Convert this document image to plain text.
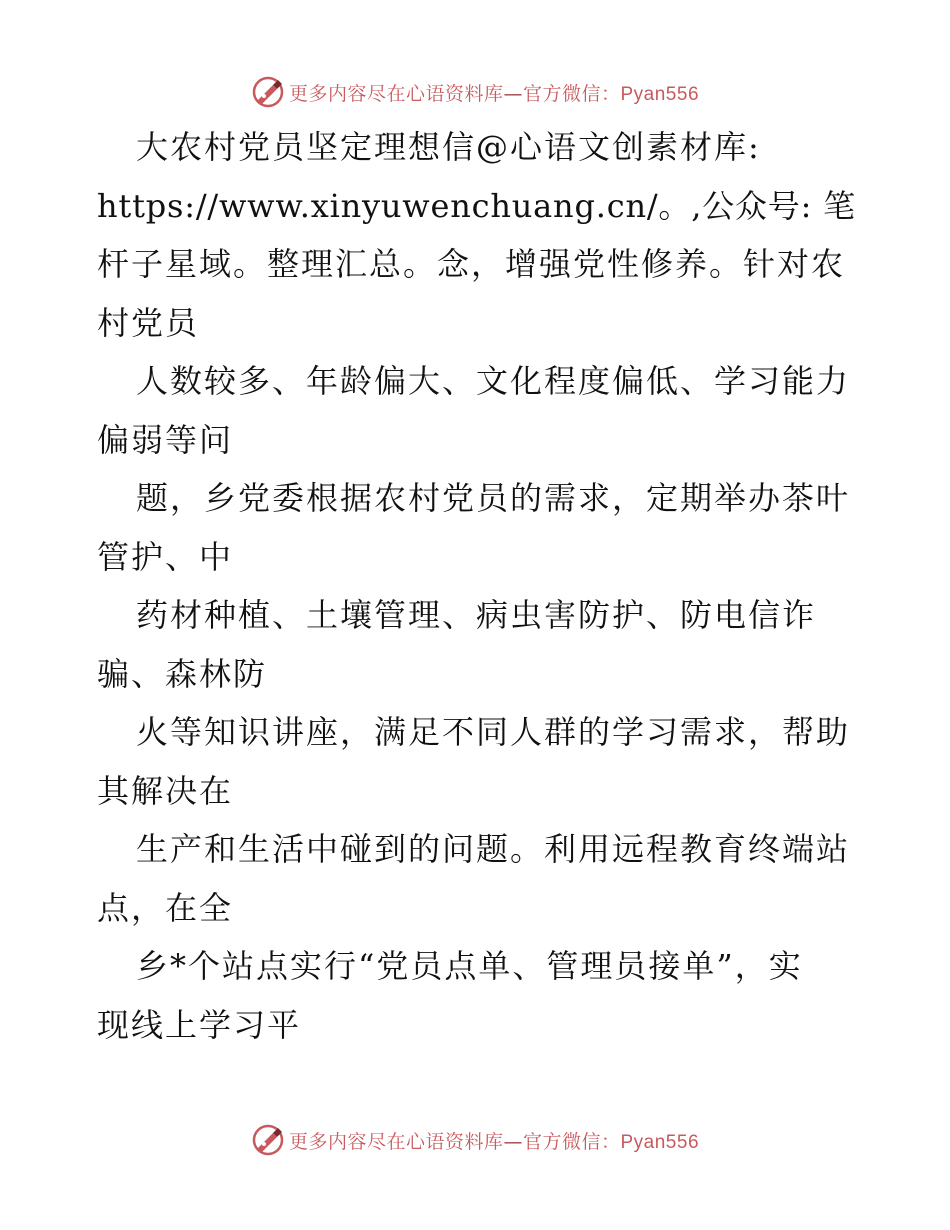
更多内容尽在心语资料库—官方微信：Pyan556
大农村党员坚定理想信@心语文创素材库:
https://www.xinyuwenchuang.cn/。,公众号: 笔
杆子星域。整理汇总。念，增强党性修养。针对农
村党员
人数较多、年龄偏大、文化程度偏低、学习能力
偏弱等问
题，乡党委根据农村党员的需求，定期举办茶叶
管护、中
药材种植、土壤管理、病虫害防护、防电信诈
骗、森林防
火等知识讲座，满足不同人群的学习需求，帮助
其解决在
生产和生活中碰到的问题。利用远程教育终端站
点，在全
乡*个站点实行“党员点单、管理员接单”，实
现线上学习平
更多内容尽在心语资料库—官方微信：Pyan556
